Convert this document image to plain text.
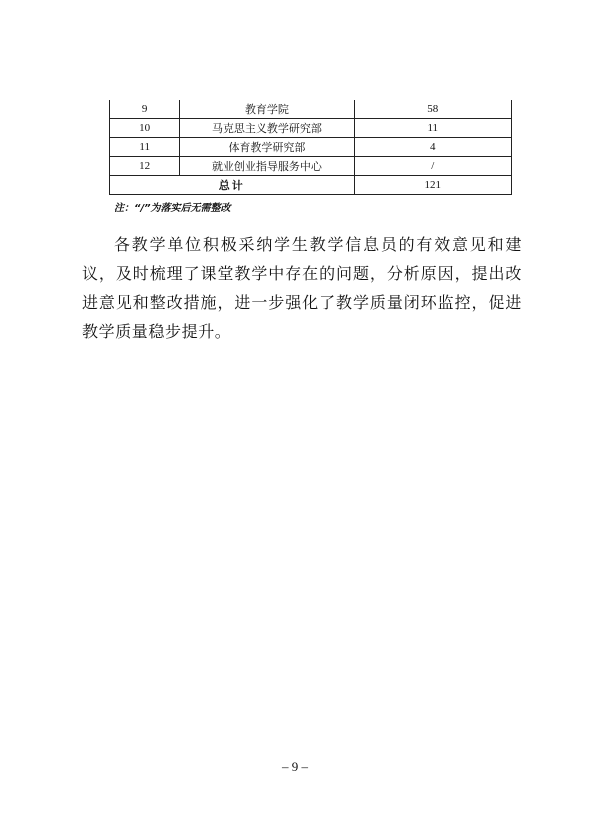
9	教育学院	58
10	马克思主义教学研究部	11
11	体育教学研究部	4
12	就业创业指导服务中心	/
总计		121
注：“/”为落实后无需整改

各教学单位积极采纳学生教学信息员的有效意见和建议，及时梳理了课堂教学中存在的问题，分析原因，提出改进意见和整改措施，进一步强化了教学质量闭环监控，促进教学质量稳步提升。

– 9 –
